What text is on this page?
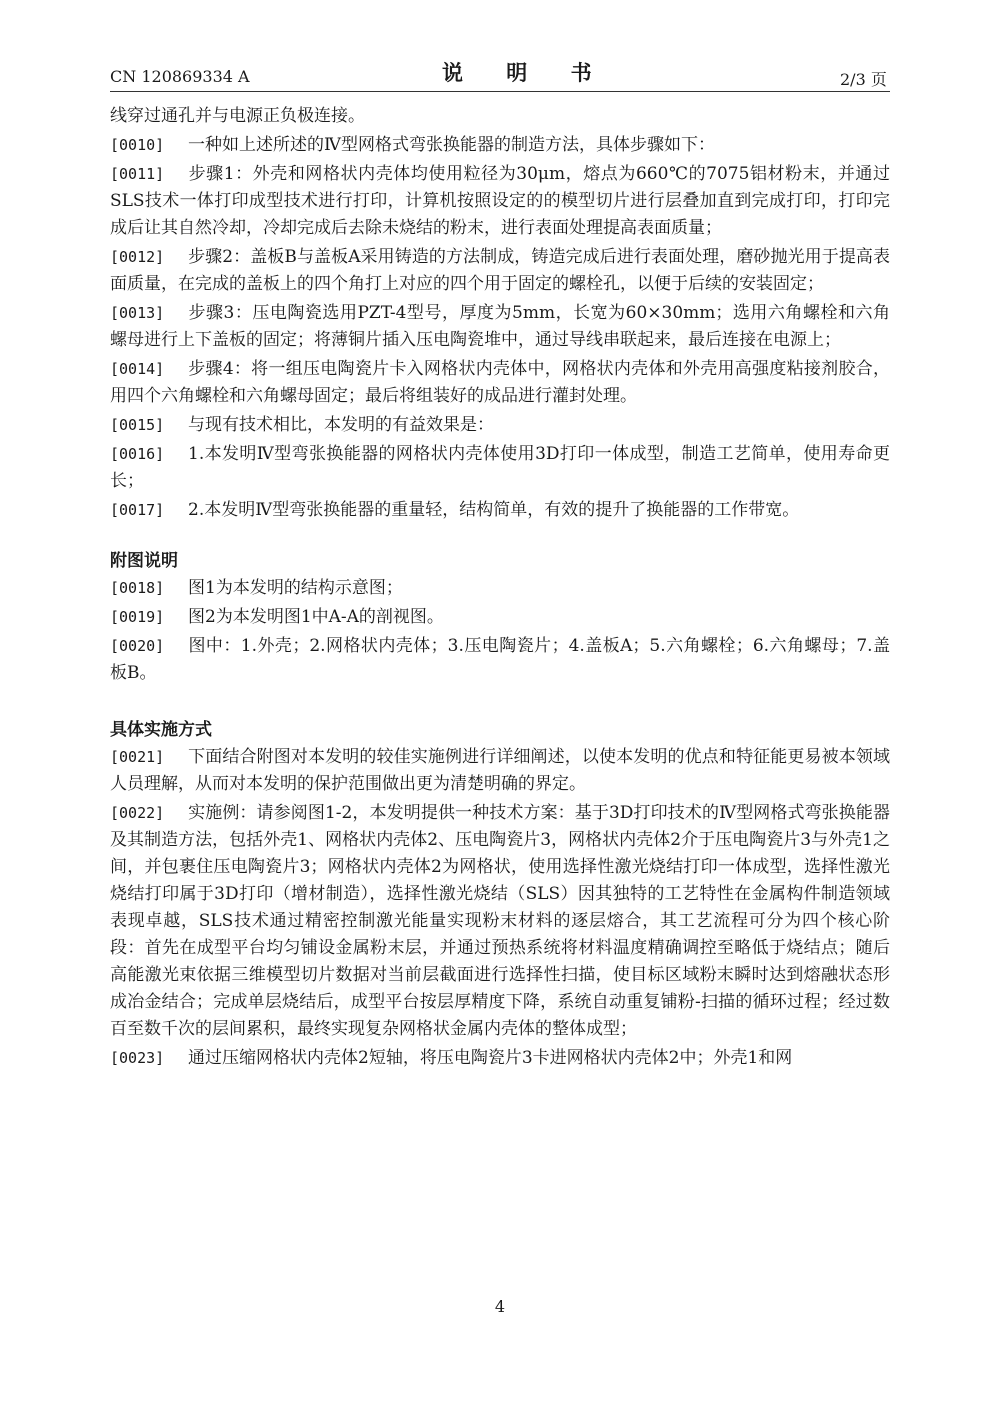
CN 120869334 A	说 明 书	2/3 页

线穿过通孔并与电源正负极连接。

[0010] 一种如上述所述的Ⅳ型网格式弯张换能器的制造方法，具体步骤如下：

[0011] 步骤1：外壳和网格状内壳体均使用粒径为30μm，熔点为660℃的7075铝材粉末，并通过SLS技术一体打印成型技术进行打印，计算机按照设定的的模型切片进行层叠加直到完成打印，打印完成后让其自然冷却，冷却完成后去除未烧结的粉末，进行表面处理提高表面质量；

[0012] 步骤2：盖板B与盖板A采用铸造的方法制成，铸造完成后进行表面处理，磨砂抛光用于提高表面质量，在完成的盖板上的四个角打上对应的四个用于固定的螺栓孔，以便于后续的安装固定；

[0013] 步骤3：压电陶瓷选用PZT-4型号，厚度为5mm，长宽为60×30mm；选用六角螺栓和六角螺母进行上下盖板的固定；将薄铜片插入压电陶瓷堆中，通过导线串联起来，最后连接在电源上；

[0014] 步骤4：将一组压电陶瓷片卡入网格状内壳体中，网格状内壳体和外壳用高强度粘接剂胶合，用四个六角螺栓和六角螺母固定；最后将组装好的成品进行灌封处理。

[0015] 与现有技术相比，本发明的有益效果是：

[0016] 1.本发明Ⅳ型弯张换能器的网格状内壳体使用3D打印一体成型，制造工艺简单，使用寿命更长；

[0017] 2.本发明Ⅳ型弯张换能器的重量轻，结构简单，有效的提升了换能器的工作带宽。

附图说明

[0018] 图1为本发明的结构示意图；

[0019] 图2为本发明图1中A-A的剖视图。

[0020] 图中：1.外壳；2.网格状内壳体；3.压电陶瓷片；4.盖板A；5.六角螺栓；6.六角螺母；7.盖板B。

具体实施方式

[0021] 下面结合附图对本发明的较佳实施例进行详细阐述，以使本发明的优点和特征能更易被本领域人员理解，从而对本发明的保护范围做出更为清楚明确的界定。

[0022] 实施例：请参阅图1-2，本发明提供一种技术方案：基于3D打印技术的Ⅳ型网格式弯张换能器及其制造方法，包括外壳1、网格状内壳体2、压电陶瓷片3，网格状内壳体2介于压电陶瓷片3与外壳1之间，并包裹住压电陶瓷片3；网格状内壳体2为网格状，使用选择性激光烧结打印一体成型，选择性激光烧结打印属于3D打印（增材制造），选择性激光烧结（SLS）因其独特的工艺特性在金属构件制造领域表现卓越，SLS技术通过精密控制激光能量实现粉末材料的逐层熔合，其工艺流程可分为四个核心阶段：首先在成型平台均匀铺设金属粉末层，并通过预热系统将材料温度精确调控至略低于烧结点；随后高能激光束依据三维模型切片数据对当前层截面进行选择性扫描，使目标区域粉末瞬时达到熔融状态形成冶金结合；完成单层烧结后，成型平台按层厚精度下降，系统自动重复铺粉-扫描的循环过程；经过数百至数千次的层间累积，最终实现复杂网格状金属内壳体的整体成型；

[0023] 通过压缩网格状内壳体2短轴，将压电陶瓷片3卡进网格状内壳体2中；外壳1和网

4
